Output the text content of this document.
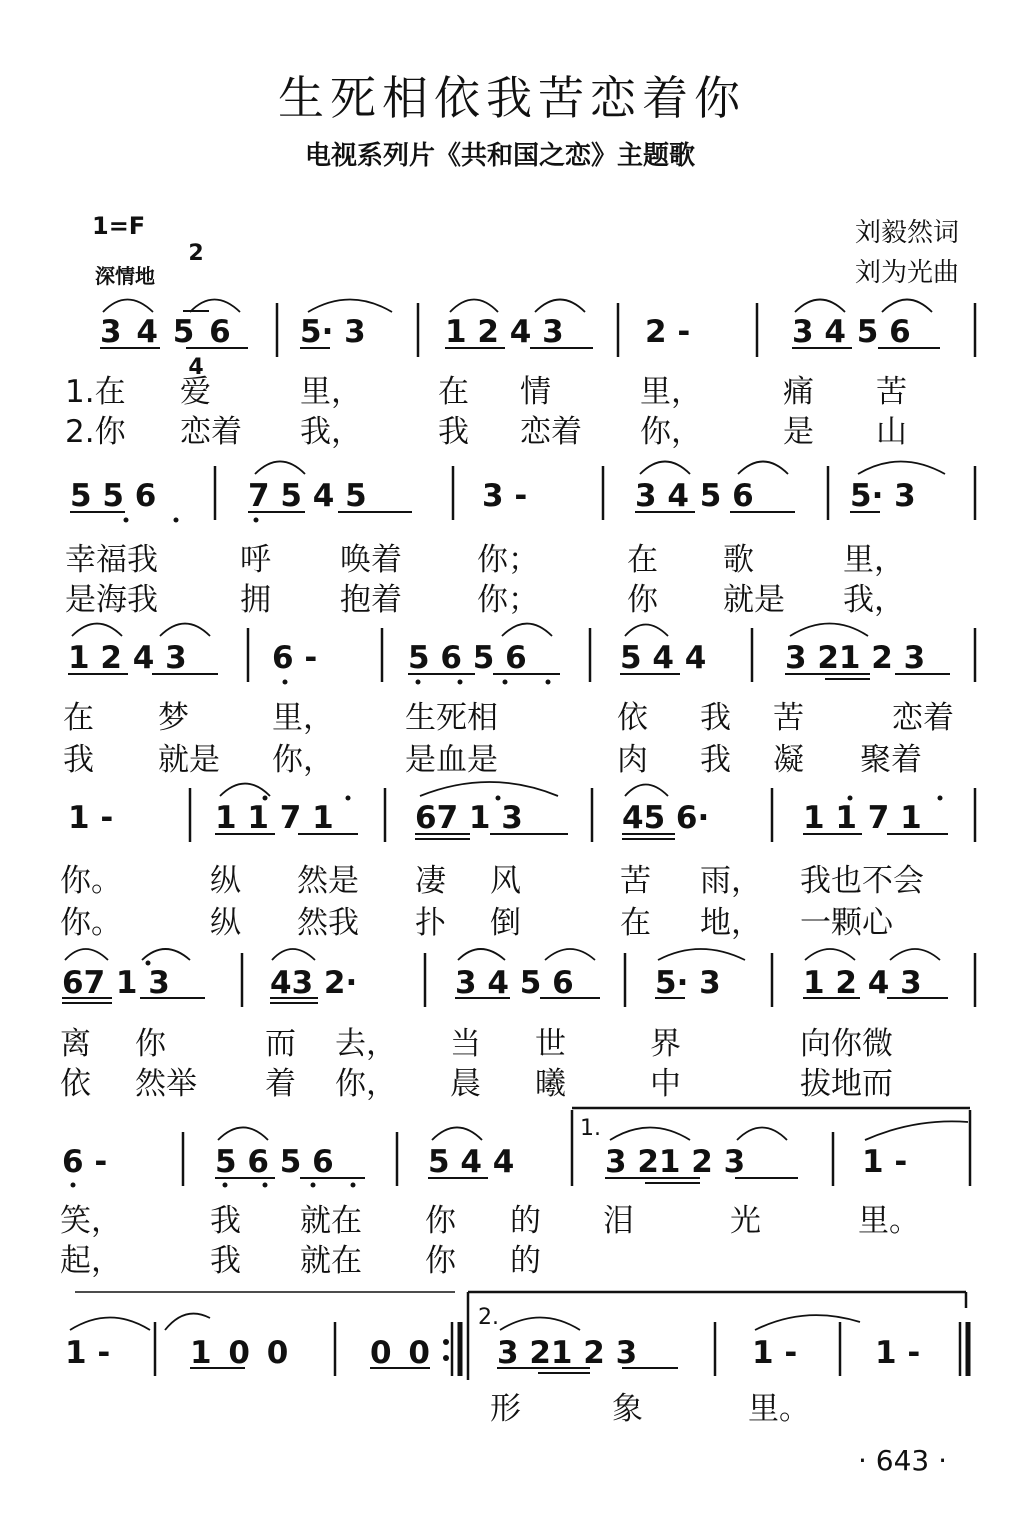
生死相依我苦恋着你
电视系列片《共和国之恋》主题歌
1=F

2

4

深情地
刘毅然词
刘为光曲
3 4 5 6 5· 3	1 2 4 3	2 -	3 4 5 6
1.在 爱	里， 在 情	里，	痛 苦
2.你 恋着 我， 我 恋着 你，	是 山
5 5 6	7 5 4 5	3 -	3 4 5 6	5· 3
幸福我	呼 唤着 你；	在 歌	里，
是海我	拥 抱着 你；	你 就是 我，
1 2 4 3	6 -	5 6 5 6	5 4 4	3 21 2 3
在 梦	里， 生死相	依 我 苦	恋着
我 就是 你， 是血是	肉 我 凝 聚着
1 -	1 1 7 1	67 1 3	45 6·	1 1 7 1
你。	纵 然是 凄 风	苦 雨， 我也不会
你。	纵 然我 扑 倒	在 地， 一颗心
67 1 3	43 2·	3 4 5 6	5· 3	1 2 4 3
离 你	而 去， 当 世	界	向你微
依 然举 着 你， 晨 曦	中	拔地而
6 -	5 6 5 6	5 4 4	3 21 2 3	1 -
1.
笑，	我 就在 你 的 泪	光	里。
起，	我 就在 你 的
1 -	1 0 0	0 0 3 21 2 3	1 -	1 -
2.
形	象	里。
· 643 ·
